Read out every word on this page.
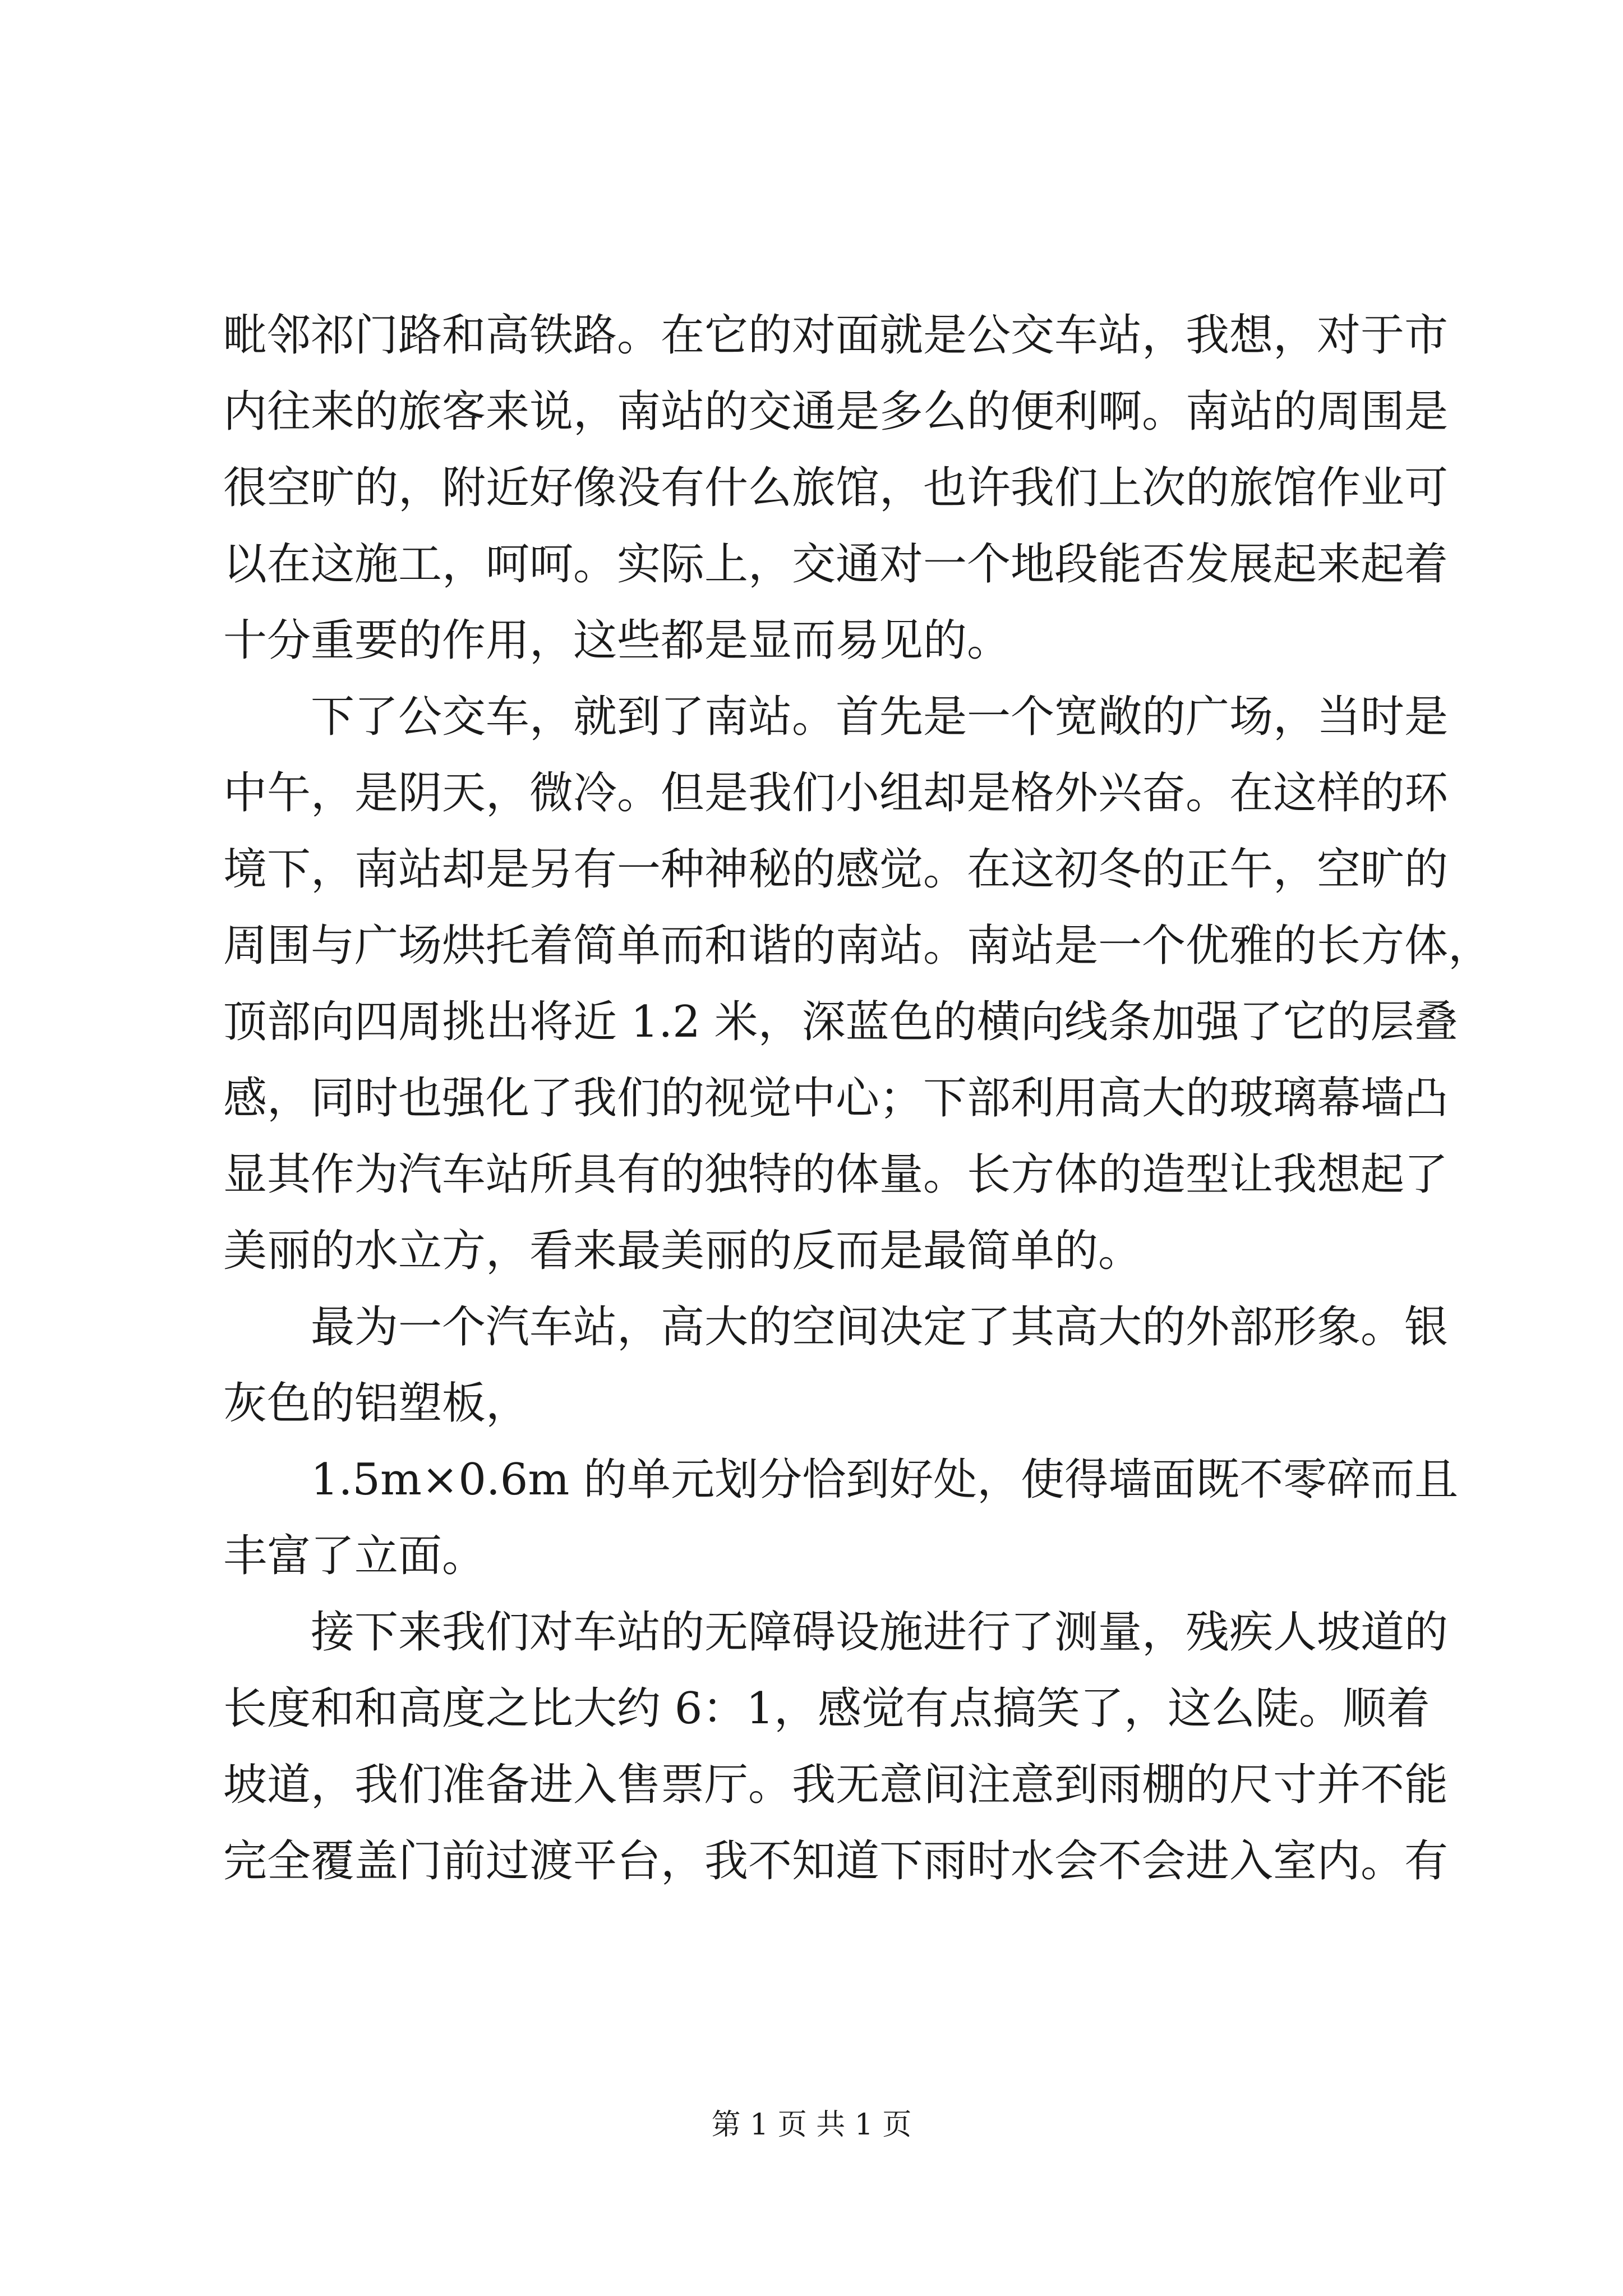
毗邻祁门路和高铁路。在它的对面就是公交车站，我想，对于市

内往来的旅客来说，南站的交通是多么的便利啊。南站的周围是

很空旷的，附近好像没有什么旅馆，也许我们上次的旅馆作业可

以在这施工，呵呵。实际上，交通对一个地段能否发展起来起着

十分重要的作用，这些都是显而易见的。

下了公交车，就到了南站。首先是一个宽敞的广场，当时是

中午，是阴天，微冷。但是我们小组却是格外兴奋。在这样的环

境下，南站却是另有一种神秘的感觉。在这初冬的正午，空旷的

周围与广场烘托着简单而和谐的南站。南站是一个优雅的长方体，

顶部向四周挑出将近 1.2 米，深蓝色的横向线条加强了它的层叠

感，同时也强化了我们的视觉中心；下部利用高大的玻璃幕墙凸

显其作为汽车站所具有的独特的体量。长方体的造型让我想起了

美丽的水立方，看来最美丽的反而是最简单的。

最为一个汽车站，高大的空间决定了其高大的外部形象。银

灰色的铝塑板，

1.5m×0.6m 的单元划分恰到好处，使得墙面既不零碎而且

丰富了立面。

接下来我们对车站的无障碍设施进行了测量，残疾人坡道的

长度和和高度之比大约 6：1，感觉有点搞笑了，这么陡。顺着

坡道，我们准备进入售票厅。我无意间注意到雨棚的尺寸并不能

完全覆盖门前过渡平台，我不知道下雨时水会不会进入室内。有

第 1 页 共 1 页
